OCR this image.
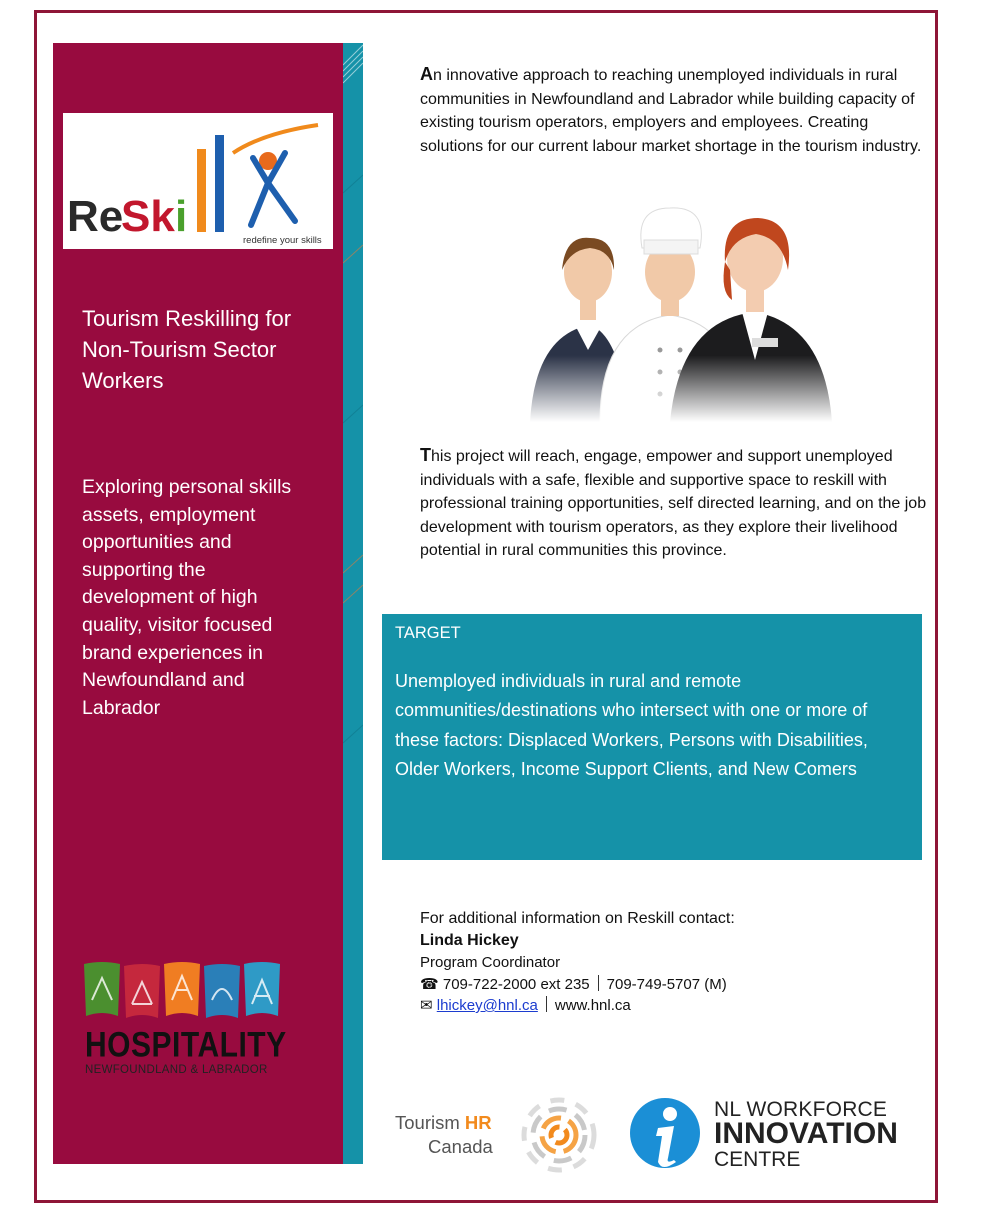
Re
Sk i	redefine your skills
Tourism Reskilling for Non-Tourism Sector Workers
Exploring personal skills assets, employment opportunities and supporting the development of high quality, visitor focused brand experiences in Newfoundland and Labrador
HOSPITALITY
NEWFOUNDLAND & LABRADOR
An innovative approach to reaching unemployed individuals in rural communities in Newfoundland and Labrador while building capacity of existing tourism operators, employers and employees. Creating solutions for our current labour market shortage in the tourism industry.
This project will reach, engage, empower and support unemployed individuals with a safe, flexible and supportive space to reskill with professional training opportunities, self directed learning, and on the job development with tourism operators, as they explore their livelihood potential in rural communities this province.
TARGET
Unemployed individuals in rural and remote communities/destinations who intersect with one or more of these factors: Displaced Workers, Persons with Disabilities, Older Workers, Income Support Clients, and New Comers
For additional information on Reskill contact:
Linda Hickey
Program Coordinator
☎ 709-722-2000 ext 235 709-749-5707 (M)
✉ lhickey@hnl.ca www.hnl.ca
Tourism HR
Canada
NL WORKFORCE
INNOVATION
CENTRE
